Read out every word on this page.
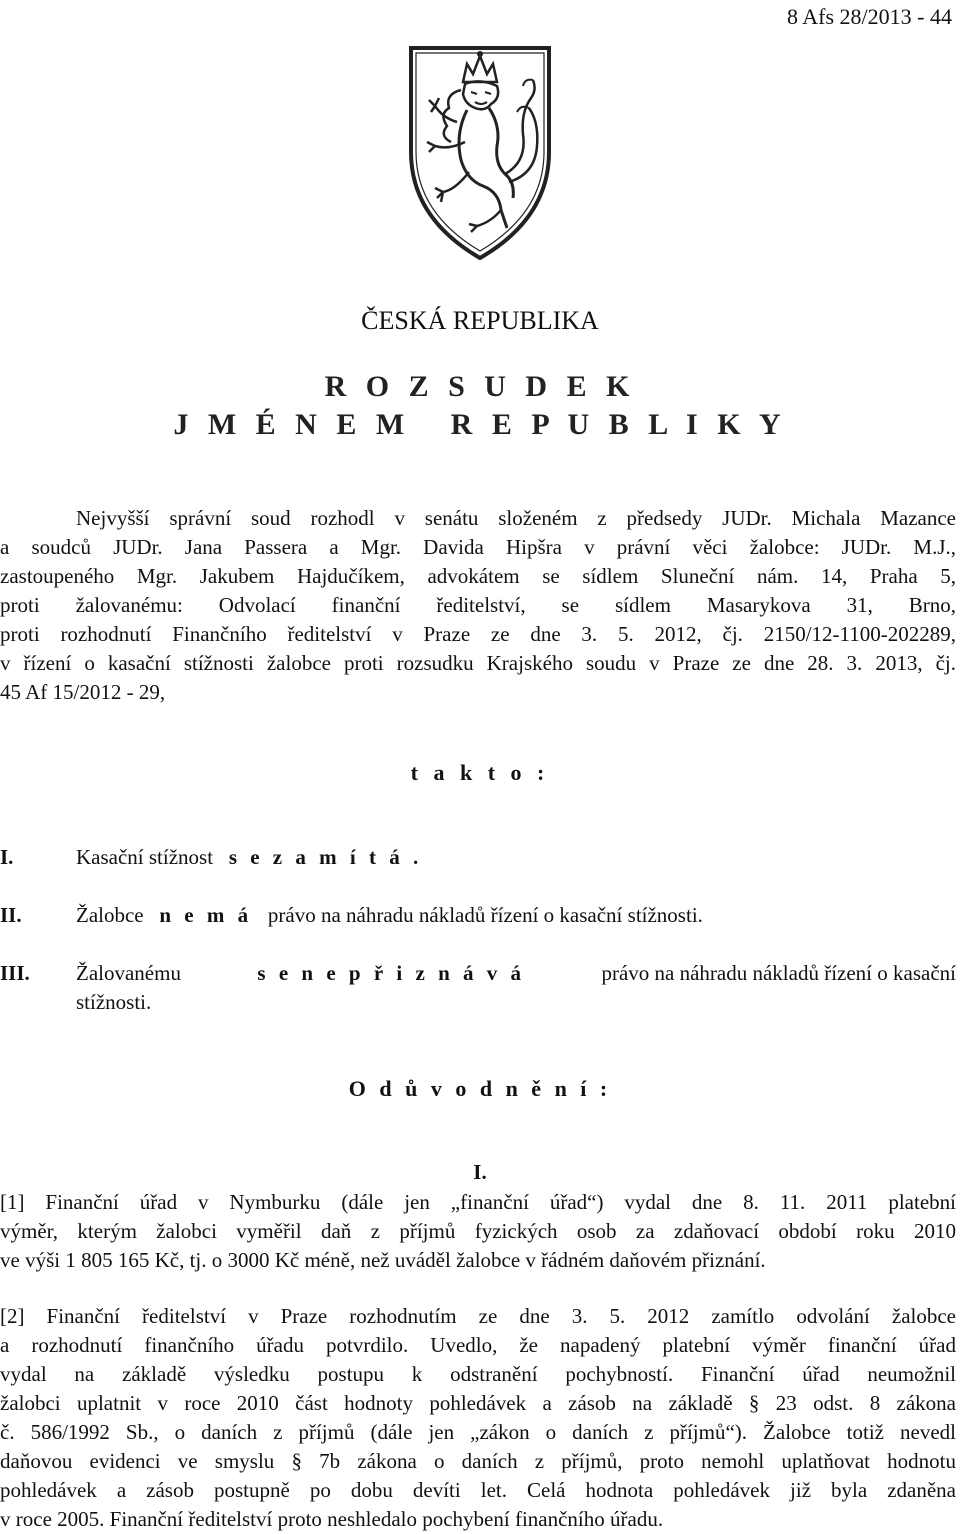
8 Afs 28/2013 - 44
ČESKÁ REPUBLIKA
R O Z S U D E K
J M É N E M   R E P U B L I K Y
Nejvyšší správní soud rozhodl v senátu složeném z předsedy JUDr. Michala Mazance
a soudců JUDr. Jana Passera a Mgr. Davida Hipšra v právní věci žalobce: JUDr. M.J.,
zastoupeného Mgr. Jakubem Hajdučíkem, advokátem se sídlem Sluneční nám. 14, Praha 5,
proti žalovanému: Odvolací finanční ředitelství, se sídlem Masarykova 31, Brno,
proti rozhodnutí Finančního ředitelství v Praze ze dne 3. 5. 2012, čj. 2150/12-1100-202289,
v řízení o kasační stížnosti žalobce proti rozsudku Krajského soudu v Praze ze dne 28. 3. 2013, čj.
45 Af 15/2012 - 29,
t a k t o :
I.	Kasační stížnost s e z a m í t á .
II.	Žalobce n e m á právo na náhradu nákladů řízení o kasační stížnosti.
III. Žalovanému	s e n e p ř i z n á v á	právo na náhradu nákladů řízení o kasační
stížnosti.
O d ů v o d n ě n í :
I.
[1] Finanční úřad v Nymburku (dále jen „finanční úřad“) vydal dne 8. 11. 2011 platební
výměr, kterým žalobci vyměřil daň z příjmů fyzických osob za zdaňovací období roku 2010
ve výši 1 805 165 Kč, tj. o 3000 Kč méně, než uváděl žalobce v řádném daňovém přiznání.
[2] Finanční ředitelství v Praze rozhodnutím ze dne 3. 5. 2012 zamítlo odvolání žalobce
a rozhodnutí finančního úřadu potvrdilo. Uvedlo, že napadený platební výměr finanční úřad
vydal na základě výsledku postupu k odstranění pochybností. Finanční úřad neumožnil
žalobci uplatnit v roce 2010 část hodnoty pohledávek a zásob na základě § 23 odst. 8 zákona
č. 586/1992 Sb., o daních z příjmů (dále jen „zákon o daních z příjmů“). Žalobce totiž nevedl
daňovou evidenci ve smyslu § 7b zákona o daních z příjmů, proto nemohl uplatňovat hodnotu
pohledávek a zásob postupně po dobu devíti let. Celá hodnota pohledávek již byla zdaněna
v roce 2005. Finanční ředitelství proto neshledalo pochybení finančního úřadu.
